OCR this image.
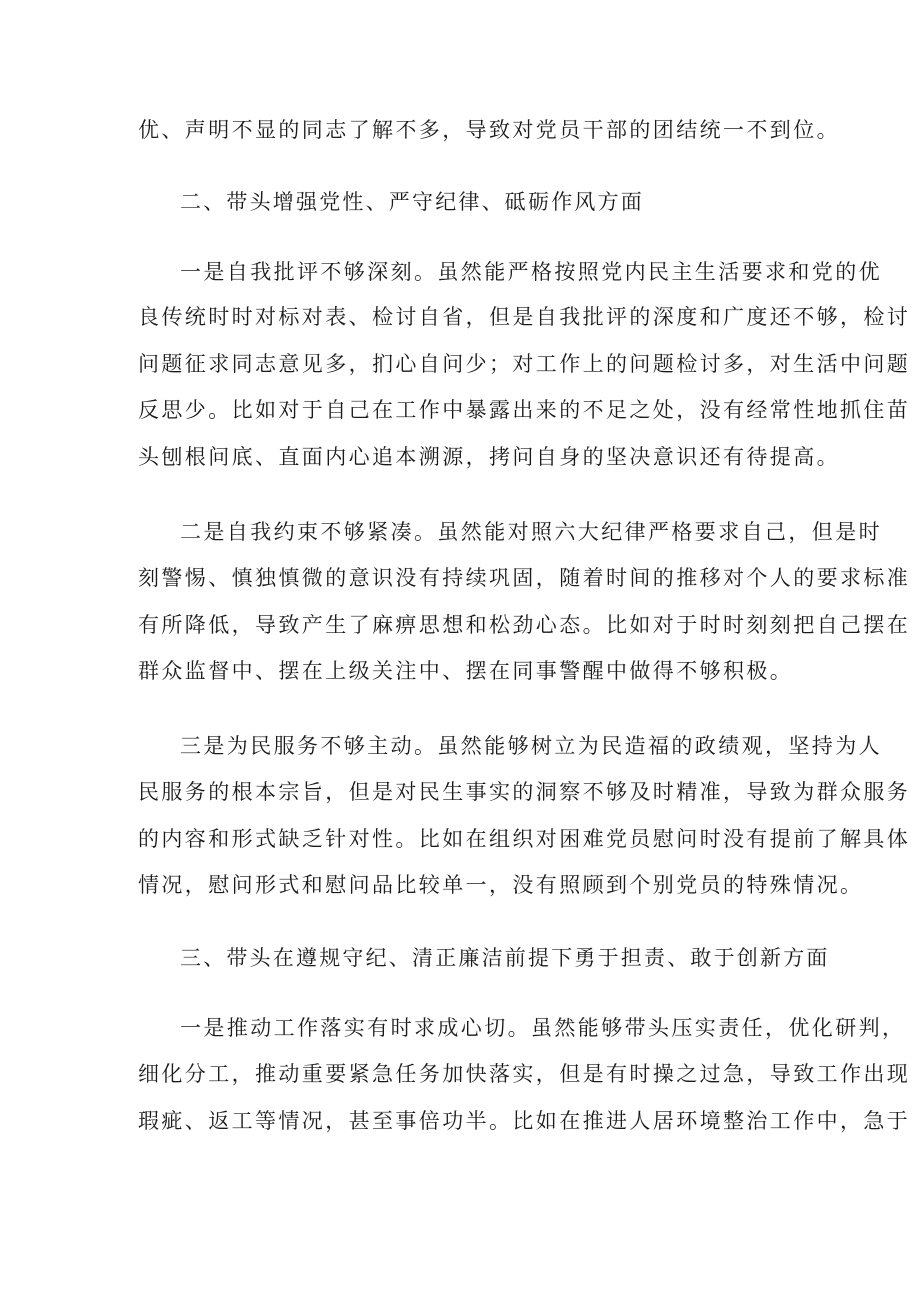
优、声明不显的同志了解不多，导致对党员干部的团结统一不到位。
二、带头增强党性、严守纪律、砥砺作风方面
一是自我批评不够深刻。虽然能严格按照党内民主生活要求和党的优
良传统时时对标对表、检讨自省，但是自我批评的深度和广度还不够，检讨
问题征求同志意见多，扪心自问少；对工作上的问题检讨多，对生活中问题
反思少。比如对于自己在工作中暴露出来的不足之处，没有经常性地抓住苗
头刨根问底、直面内心追本溯源，拷问自身的坚决意识还有待提高。
二是自我约束不够紧凑。虽然能对照六大纪律严格要求自己，但是时
刻警惕、慎独慎微的意识没有持续巩固，随着时间的推移对个人的要求标准
有所降低，导致产生了麻痹思想和松劲心态。比如对于时时刻刻把自己摆在
群众监督中、摆在上级关注中、摆在同事警醒中做得不够积极。
三是为民服务不够主动。虽然能够树立为民造福的政绩观，坚持为人
民服务的根本宗旨，但是对民生事实的洞察不够及时精准，导致为群众服务
的内容和形式缺乏针对性。比如在组织对困难党员慰问时没有提前了解具体
情况，慰问形式和慰问品比较单一，没有照顾到个别党员的特殊情况。
三、带头在遵规守纪、清正廉洁前提下勇于担责、敢于创新方面
一是推动工作落实有时求成心切。虽然能够带头压实责任，优化研判，
细化分工，推动重要紧急任务加快落实，但是有时操之过急，导致工作出现
瑕疵、返工等情况，甚至事倍功半。比如在推进人居环境整治工作中，急于
